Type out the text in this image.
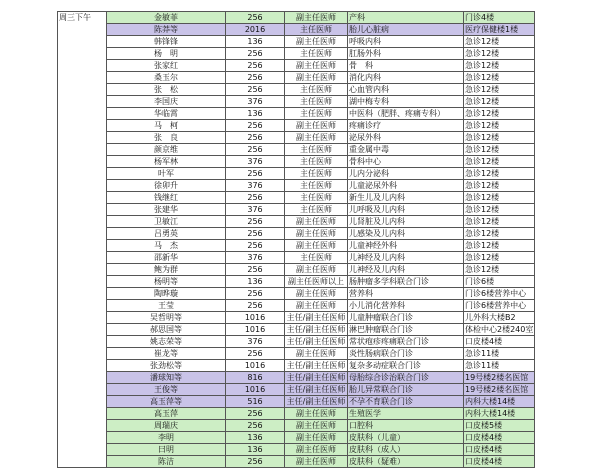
周三下午	金敏菲	256	副主任医师	产科	门诊4楼
	陈莽等	2016	主任医师	胎儿心脏病	医疗保健楼1楼
	韩锋锋	136	副主任医师	呼吸内科	急诊12楼
	杨　明	256	主任医师	肛肠外科	急诊12楼
	张家红	256	副主任医师	骨　科	急诊12楼
	桑玉尔	256	副主任医师	消化内科	急诊12楼
	张　松	256	主任医师	心血管内科	急诊12楼
	李国庆	376	主任医师	湖中梅专科	急诊12楼
	华临霄	136	主任医师	中医科（肥胖、疼痛专科）	急诊12楼
	马　柯	256	副主任医师	疼痛诊疗	急诊12楼
	张　良	256	副主任医师	泌尿外科	急诊12楼
	颜京维	256	主任医师	重金属中毒	急诊12楼
	杨军林	376	主任医师	骨科中心	急诊12楼
	叶军	256	主任医师	儿内分泌科	急诊12楼
	徐卯升	376	主任医师	儿童泌尿外科	急诊12楼
	钱继红	256	主任医师	新生儿及儿内科	急诊12楼
	张建华	376	主任医师	儿呼吸及儿内科	急诊12楼
	卫敏江	256	副主任医师	儿肾脏及儿内科	急诊12楼
	吕勇英	256	副主任医师	儿感染及儿内科	急诊12楼
	马　杰	256	副主任医师	儿童神经外科	急诊12楼
	邵新华	376	主任医师	儿神经及儿内科	急诊12楼
	鲍为群	256	副主任医师	儿神经及儿内科	急诊12楼
	杨明等	136	副主任医师以上	肠肿瘤多学科联合门诊	门诊6楼
	陶晔璇	256	副主任医师	营养科	门诊6楼营养中心
	王莹	256	副主任医师	小儿消化营养科	门诊6楼营养中心
	吴哲明等	1016	主任/副主任医师	儿童肿瘤联合门诊	儿外科大楼B2
	郝思国等	1016	主任/副主任医师	淋巴肿瘤联合门诊	体检中心2楼240室
	姚志荣等	376	主任/副主任医师	常状疱疹疼痛联合门诊	口皮楼4楼
	崔龙等	256	副主任医师	炎性肠病联合门诊	急诊11楼
	张劲松等	1016	主任/副主任医师	复杂多动症联合门诊	急诊11楼
	潘球知等	816	主任/副主任医师	母胎综合诊治联合门诊	19号楼2楼名医馆
	王俊等	1016	主任/副主任医师	胎儿异常联合门诊	19号楼2楼名医馆
	高玉萍等	516	主任/副主任医师	不孕不育联合门诊	内科大楼14楼
	高玉萍	256	副主任医师	生殖医学	内科大楼14楼
	周瑞庆	256	副主任医师	口腔科	口皮楼5楼
	李明	136	副主任医师	皮肤科（儿童）	口皮楼4楼
	曰明	136	副主任医师	皮肤科（成人）	口皮楼4楼
	陈洁	256	副主任医师	皮肤科（疑难）	口皮楼4楼
